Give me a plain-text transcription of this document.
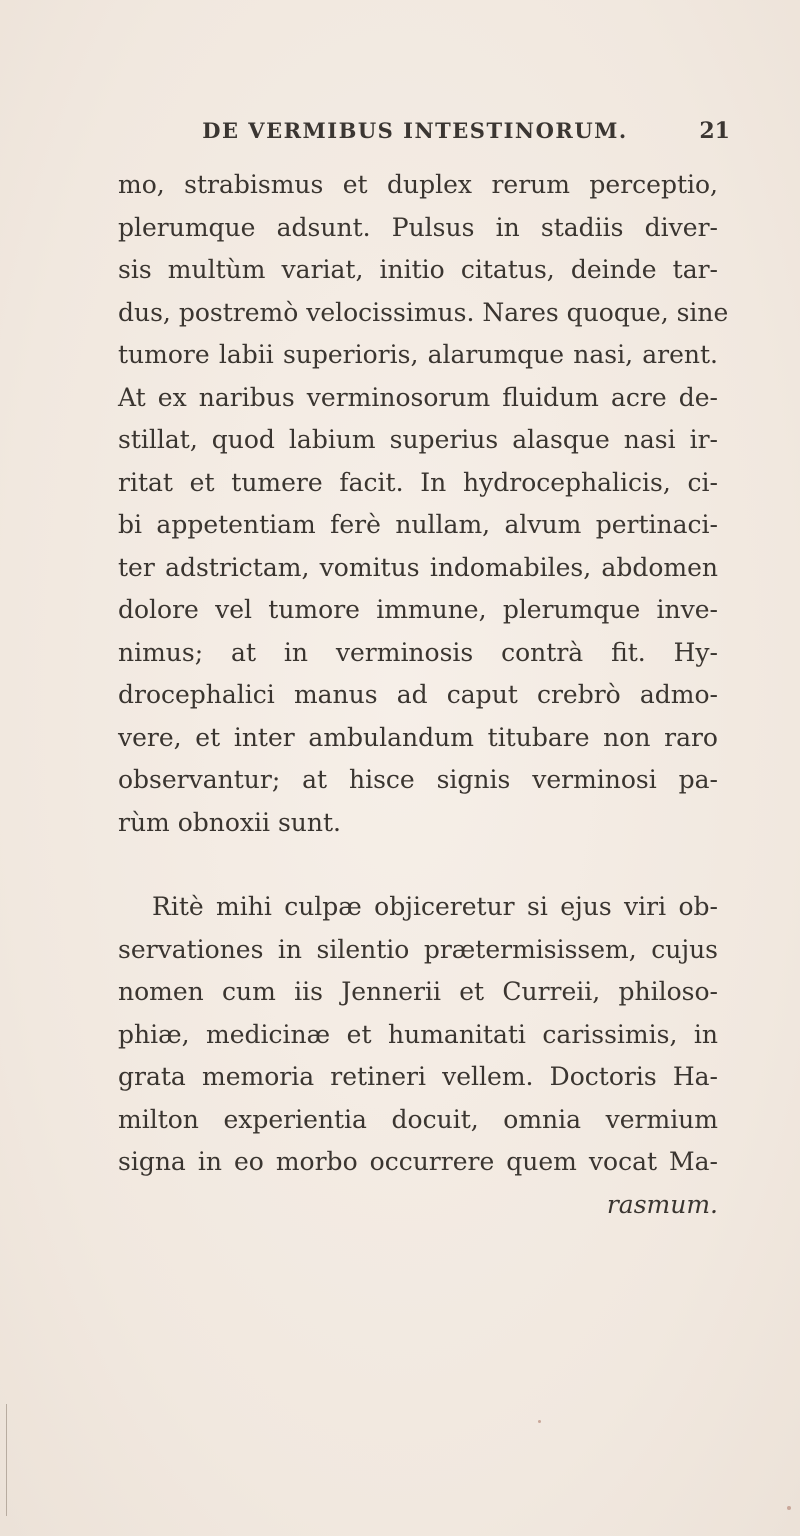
DE VERMIBUS INTESTINORUM.	21
mo, strabismus et duplex rerum perceptio,
plerumque adsunt. Pulsus in stadiis diver-
sis multùm variat, initio citatus, deinde tar-
dus, postremò velocissimus. Nares quoque, sine
tumore labii superioris, alarumque nasi, arent.
At ex naribus verminosorum fluidum acre de-
stillat, quod labium superius alasque nasi ir-
ritat et tumere facit. In hydrocephalicis, ci-
bi appetentiam ferè nullam, alvum pertinaci-
ter adstrictam, vomitus indomabiles, abdomen
dolore vel tumore immune, plerumque inve-
nimus; at in verminosis contrà fit. Hy-
drocephalici manus ad caput crebrò admo-
vere, et inter ambulandum titubare non raro
observantur; at hisce signis verminosi pa-
rùm obnoxii sunt.
Ritè mihi culpæ objiceretur si ejus viri ob-
servationes in silentio prætermisissem, cujus
nomen cum iis Jennerii et Curreii, philoso-
phiæ, medicinæ et humanitati carissimis, in
grata memoria retineri vellem. Doctoris Ha-
milton experientia docuit, omnia vermium
signa in eo morbo occurrere quem vocat Ma-
rasmum.
